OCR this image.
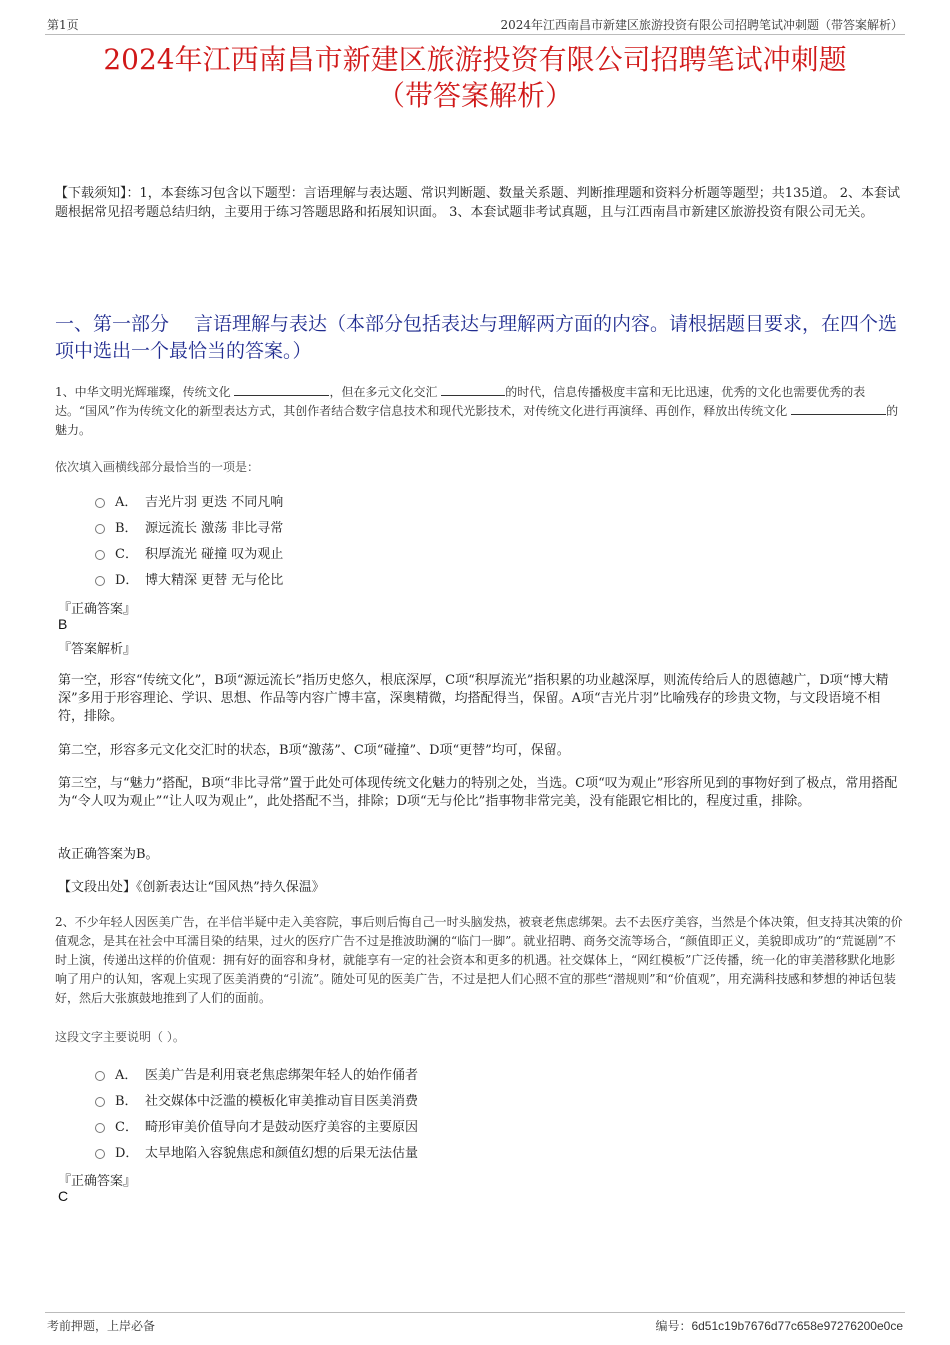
第1页	2024年江西南昌市新建区旅游投资有限公司招聘笔试冲刺题（带答案解析）
2024年江西南昌市新建区旅游投资有限公司招聘笔试冲刺题
（带答案解析）
【下载须知】：1，本套练习包含以下题型：言语理解与表达题、常识判断题、数量关系题、判断推理题和资料分析题等题型；共135道。 2、本套试题根据常见招考题总结归纳，主要用于练习答题思路和拓展知识面。 3、本套试题非考试真题，且与江西南昌市新建区旅游投资有限公司无关。
一、第一部分　 言语理解与表达（本部分包括表达与理解两方面的内容。请根据题目要求，在四个选项中选出一个最恰当的答案。）
1、中华文明光辉璀璨，传统文化	，但在多元文化交汇	的时代，信息传播极度丰富和无比迅速，优秀的文化也需要优秀的表达。“国风”作为传统文化的新型表达方式，其创作者结合数字信息技术和现代光影技术，对传统文化进行再演绎、再创作，释放出传统文化	的魅力。
依次填入画横线部分最恰当的一项是：
A． 吉光片羽 更迭 不同凡响
B． 源远流长 激荡 非比寻常
C． 积厚流光 碰撞 叹为观止
D． 博大精深 更替 无与伦比
『正确答案』
B
『答案解析』
第一空，形容“传统文化”，B项“源远流长”指历史悠久，根底深厚，C项“积厚流光”指积累的功业越深厚，则流传给后人的恩德越广，D项“博大精深”多用于形容理论、学识、思想、作品等内容广博丰富，深奥精微，均搭配得当，保留。A项“吉光片羽”比喻残存的珍贵文物，与文段语境不相符，排除。
第二空，形容多元文化交汇时的状态，B项“激荡”、C项“碰撞”、D项“更替”均可，保留。
第三空，与“魅力”搭配，B项“非比寻常”置于此处可体现传统文化魅力的特别之处，当选。C项“叹为观止”形容所见到的事物好到了极点，常用搭配为“令人叹为观止”“让人叹为观止”，此处搭配不当，排除；D项“无与伦比”指事物非常完美，没有能跟它相比的，程度过重，排除。
故正确答案为B。
【文段出处】《创新表达让“国风热”持久保温》
2、不少年轻人因医美广告，在半信半疑中走入美容院，事后则后悔自己一时头脑发热，被衰老焦虑绑架。去不去医疗美容，当然是个体决策，但支持其决策的价值观念，是其在社会中耳濡目染的结果，过火的医疗广告不过是推波助澜的“临门一脚”。就业招聘、商务交流等场合，“颜值即正义，美貌即成功”的“荒诞剧”不时上演，传递出这样的价值观：拥有好的面容和身材，就能享有一定的社会资本和更多的机遇。社交媒体上，“网红模板”广泛传播，统一化的审美潜移默化地影响了用户的认知，客观上实现了医美消费的“引流”。随处可见的医美广告，不过是把人们心照不宣的那些“潜规则”和“价值观”，用充满科技感和梦想的神话包装好，然后大张旗鼓地推到了人们的面前。
这段文字主要说明（ ）。
A． 医美广告是利用衰老焦虑绑架年轻人的始作俑者
B． 社交媒体中泛滥的模板化审美推动盲目医美消费
C． 畸形审美价值导向才是鼓动医疗美容的主要原因
D． 太早地陷入容貌焦虑和颜值幻想的后果无法估量
『正确答案』
C
考前押题，上岸必备	编号：6d51c19b7676d77c658e97276200e0ce
